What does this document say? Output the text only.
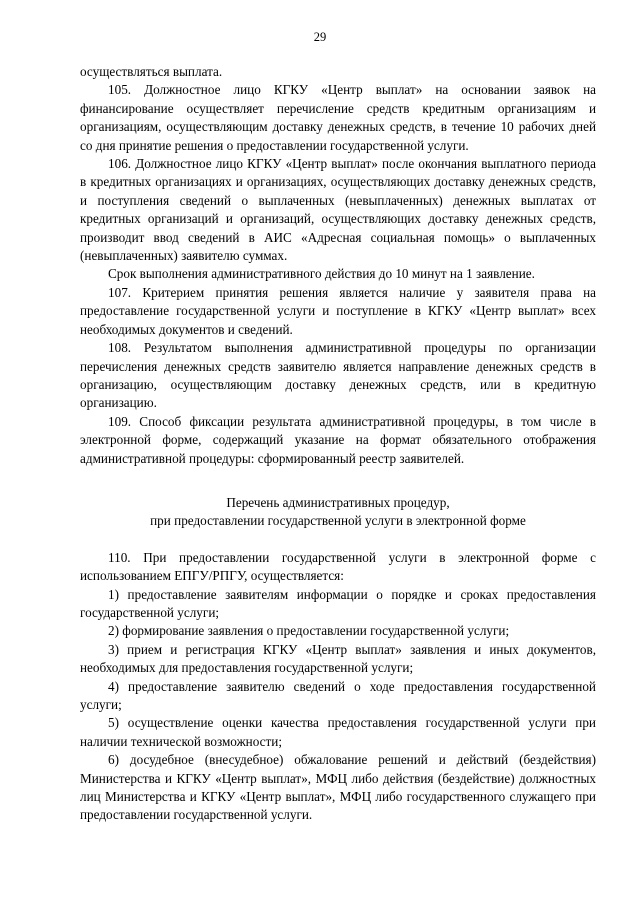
29

осуществляться выплата.

105. Должностное лицо КГКУ «Центр выплат» на основании заявок на финансирование осуществляет перечисление средств кредитным организациям и организациям, осуществляющим доставку денежных средств, в течение 10 рабочих дней со дня принятие решения о предоставлении государственной услуги.

106. Должностное лицо КГКУ «Центр выплат» после окончания выплатного периода в кредитных организациях и организациях, осуществляющих доставку денежных средств, и поступления сведений о выплаченных (невыплаченных) денежных выплатах от кредитных организаций и организаций, осуществляющих доставку денежных средств, производит ввод сведений в АИС «Адресная социальная помощь» о выплаченных (невыплаченных) заявителю суммах.

Срок выполнения административного действия до 10 минут на 1 заявление.

107. Критерием принятия решения является наличие у заявителя права на предоставление государственной услуги и поступление в КГКУ «Центр выплат» всех необходимых документов и сведений.

108. Результатом выполнения административной процедуры по организации перечисления денежных средств заявителю является направление денежных средств в организацию, осуществляющим доставку денежных средств, или в кредитную организацию.

109. Способ фиксации результата административной процедуры, в том числе в электронной форме, содержащий указание на формат обязательного отображения административной процедуры: сформированный реестр заявителей.

Перечень административных процедур,
при предоставлении государственной услуги в электронной форме

110. При предоставлении государственной услуги в электронной форме с использованием ЕПГУ/РПГУ, осуществляется:

1) предоставление заявителям информации о порядке и сроках предоставления государственной услуги;

2) формирование заявления о предоставлении государственной услуги;

3) прием и регистрация КГКУ «Центр выплат» заявления и иных документов, необходимых для предоставления государственной услуги;

4) предоставление заявителю сведений о ходе предоставления государственной услуги;

5) осуществление оценки качества предоставления государственной услуги при наличии технической возможности;

6) досудебное (внесудебное) обжалование решений и действий (бездействия) Министерства и КГКУ «Центр выплат», МФЦ либо действия (бездействие) должностных лиц Министерства и КГКУ «Центр выплат», МФЦ либо государственного служащего при предоставлении государственной услуги.
